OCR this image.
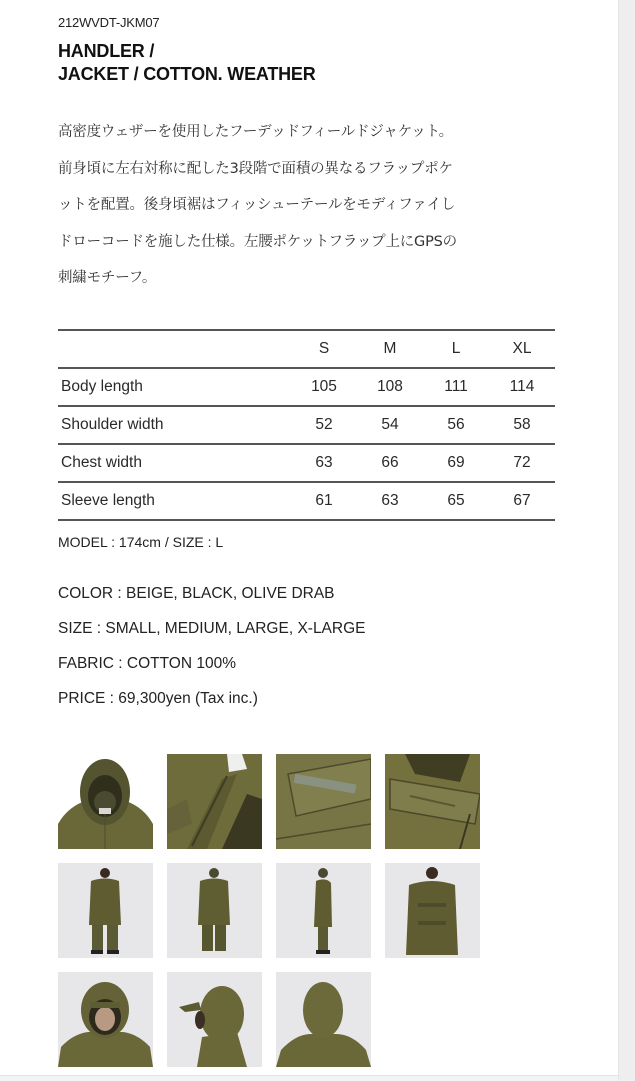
212WVDT-JKM07
HANDLER /
JACKET / COTTON. WEATHER
高密度ウェザーを使用したフーデッドフィールドジャケット。
前身頃に左右対称に配した3段階で面積の異なるフラップポケ
ットを配置。後身頃裾はフィッシューテールをモディファイし
ドローコードを施した仕様。左腰ポケットフラップ上にGPSの
刺繍モチーフ。
	S	M	L	XL
Body length	105	108	111	114
Shoulder width	52	54	56	58
Chest width	63	66	69	72
Sleeve length	61	63	65	67
MODEL : 174cm / SIZE : L
COLOR : BEIGE, BLACK, OLIVE DRAB
SIZE : SMALL, MEDIUM, LARGE, X-LARGE
FABRIC : COTTON 100%
PRICE : 69,300yen (Tax inc.)
